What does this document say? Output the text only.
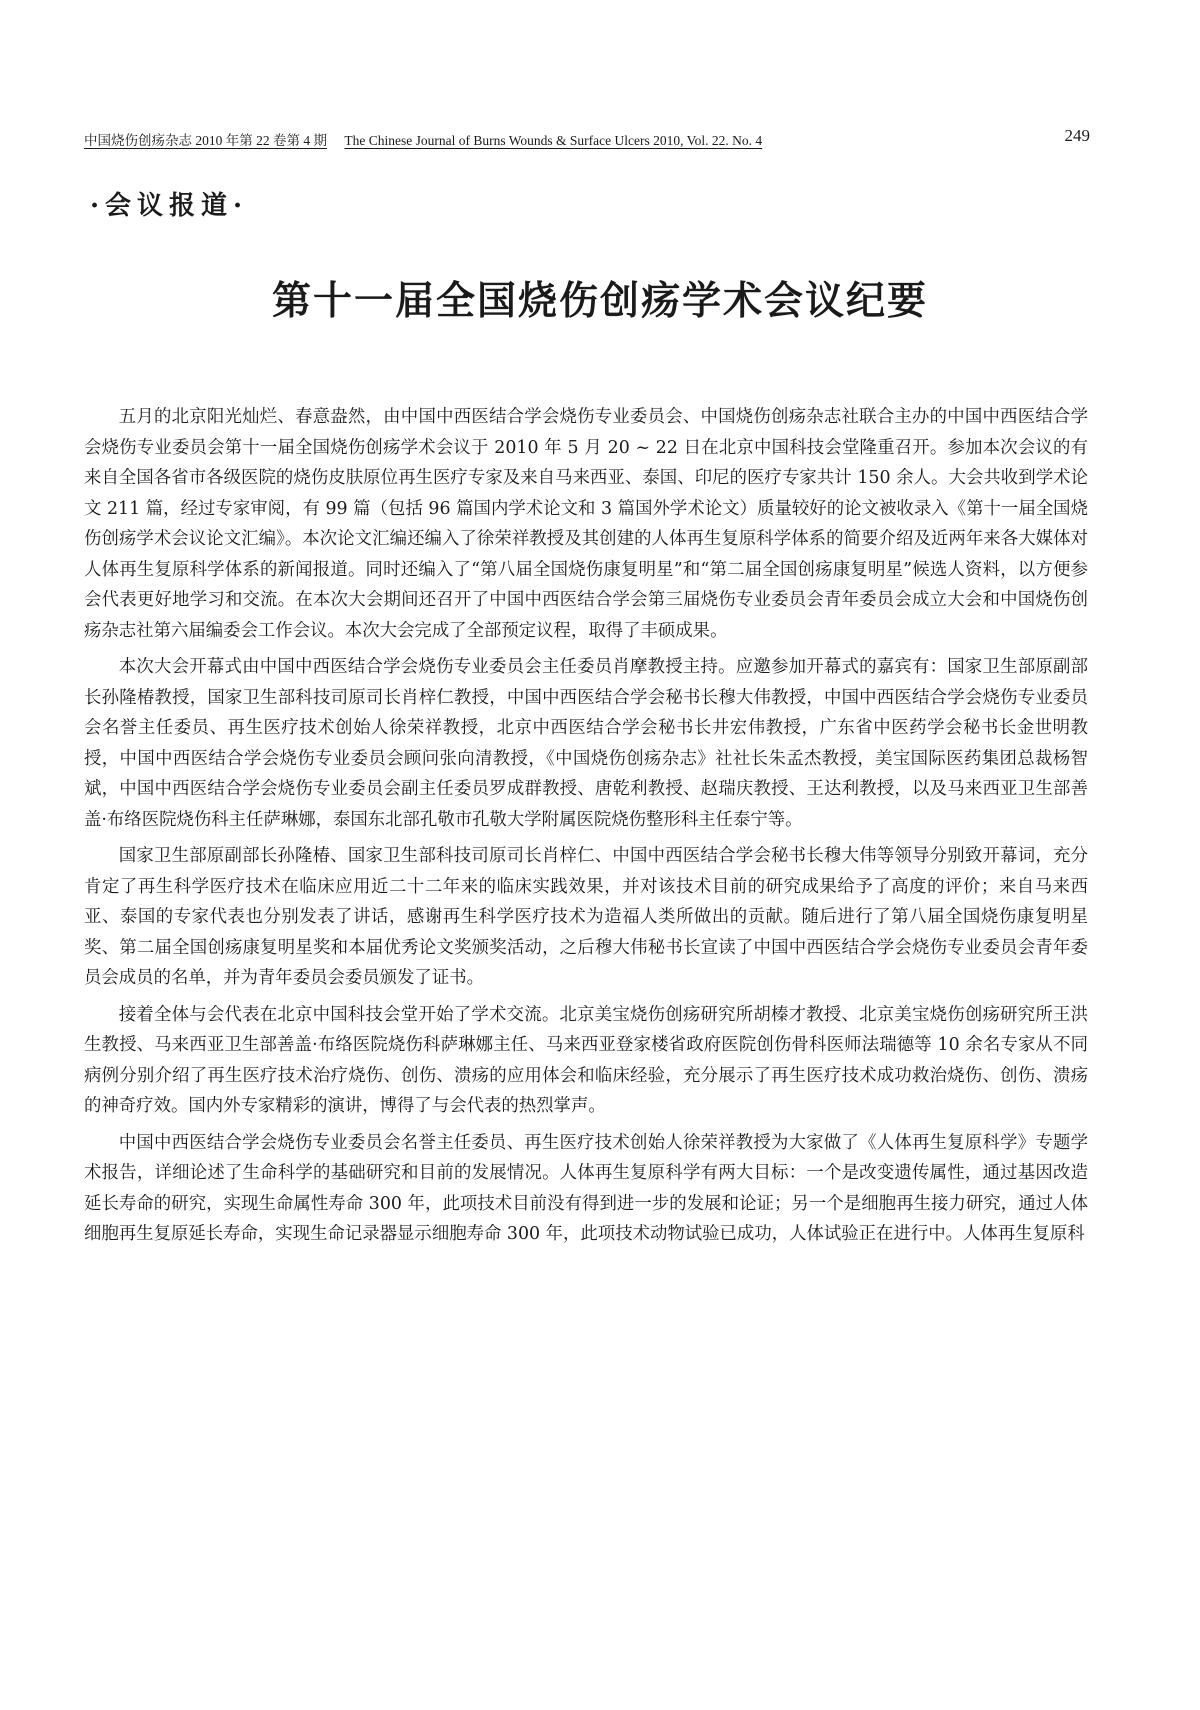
中国烧伤创疡杂志 2010 年第 22 卷第 4 期 The Chinese Journal of Burns Wounds & Surface Ulcers 2010, Vol. 22. No. 4	249
·会议报道·
第十一届全国烧伤创疡学术会议纪要

五月的北京阳光灿烂、春意盎然，由中国中西医结合学会烧伤专业委员会、中国烧伤创疡杂志社联合主办的中国中西医结合学会烧伤专业委员会第十一届全国烧伤创疡学术会议于 2010 年 5 月 20 ~ 22 日在北京中国科技会堂隆重召开。参加本次会议的有来自全国各省市各级医院的烧伤皮肤原位再生医疗专家及来自马来西亚、泰国、印尼的医疗专家共计 150 余人。大会共收到学术论文 211 篇，经过专家审阅，有 99 篇（包括 96 篇国内学术论文和 3 篇国外学术论文）质量较好的论文被收录入《第十一届全国烧伤创疡学术会议论文汇编》。本次论文汇编还编入了徐荣祥教授及其创建的人体再生复原科学体系的简要介绍及近两年来各大媒体对人体再生复原科学体系的新闻报道。同时还编入了“第八届全国烧伤康复明星”和“第二届全国创疡康复明星”候选人资料，以方便参会代表更好地学习和交流。在本次大会期间还召开了中国中西医结合学会第三届烧伤专业委员会青年委员会成立大会和中国烧伤创疡杂志社第六届编委会工作会议。本次大会完成了全部预定议程，取得了丰硕成果。

本次大会开幕式由中国中西医结合学会烧伤专业委员会主任委员肖摩教授主持。应邀参加开幕式的嘉宾有：国家卫生部原副部长孙隆椿教授，国家卫生部科技司原司长肖梓仁教授，中国中西医结合学会秘书长穆大伟教授，中国中西医结合学会烧伤专业委员会名誉主任委员、再生医疗技术创始人徐荣祥教授，北京中西医结合学会秘书长井宏伟教授，广东省中医药学会秘书长金世明教授，中国中西医结合学会烧伤专业委员会顾问张向清教授，《中国烧伤创疡杂志》社社长朱孟杰教授，美宝国际医药集团总裁杨智斌，中国中西医结合学会烧伤专业委员会副主任委员罗成群教授、唐乾利教授、赵瑞庆教授、王达利教授，以及马来西亚卫生部善盖·布络医院烧伤科主任萨琳娜，泰国东北部孔敬市孔敬大学附属医院烧伤整形科主任泰宁等。

国家卫生部原副部长孙隆椿、国家卫生部科技司原司长肖梓仁、中国中西医结合学会秘书长穆大伟等领导分别致开幕词，充分肯定了再生科学医疗技术在临床应用近二十二年来的临床实践效果，并对该技术目前的研究成果给予了高度的评价；来自马来西亚、泰国的专家代表也分别发表了讲话，感谢再生科学医疗技术为造福人类所做出的贡献。随后进行了第八届全国烧伤康复明星奖、第二届全国创疡康复明星奖和本届优秀论文奖颁奖活动，之后穆大伟秘书长宣读了中国中西医结合学会烧伤专业委员会青年委员会成员的名单，并为青年委员会委员颁发了证书。

接着全体与会代表在北京中国科技会堂开始了学术交流。北京美宝烧伤创疡研究所胡榛才教授、北京美宝烧伤创疡研究所王洪生教授、马来西亚卫生部善盖·布络医院烧伤科萨琳娜主任、马来西亚登家楼省政府医院创伤骨科医师法瑞德等 10 余名专家从不同病例分别介绍了再生医疗技术治疗烧伤、创伤、溃疡的应用体会和临床经验，充分展示了再生医疗技术成功救治烧伤、创伤、溃疡的神奇疗效。国内外专家精彩的演讲，博得了与会代表的热烈掌声。

中国中西医结合学会烧伤专业委员会名誉主任委员、再生医疗技术创始人徐荣祥教授为大家做了《人体再生复原科学》专题学术报告，详细论述了生命科学的基础研究和目前的发展情况。人体再生复原科学有两大目标：一个是改变遗传属性，通过基因改造延长寿命的研究，实现生命属性寿命 300 年，此项技术目前没有得到进一步的发展和论证；另一个是细胞再生接力研究，通过人体细胞再生复原延长寿命，实现生命记录器显示细胞寿命 300 年，此项技术动物试验已成功，人体试验正在进行中。人体再生复原科
